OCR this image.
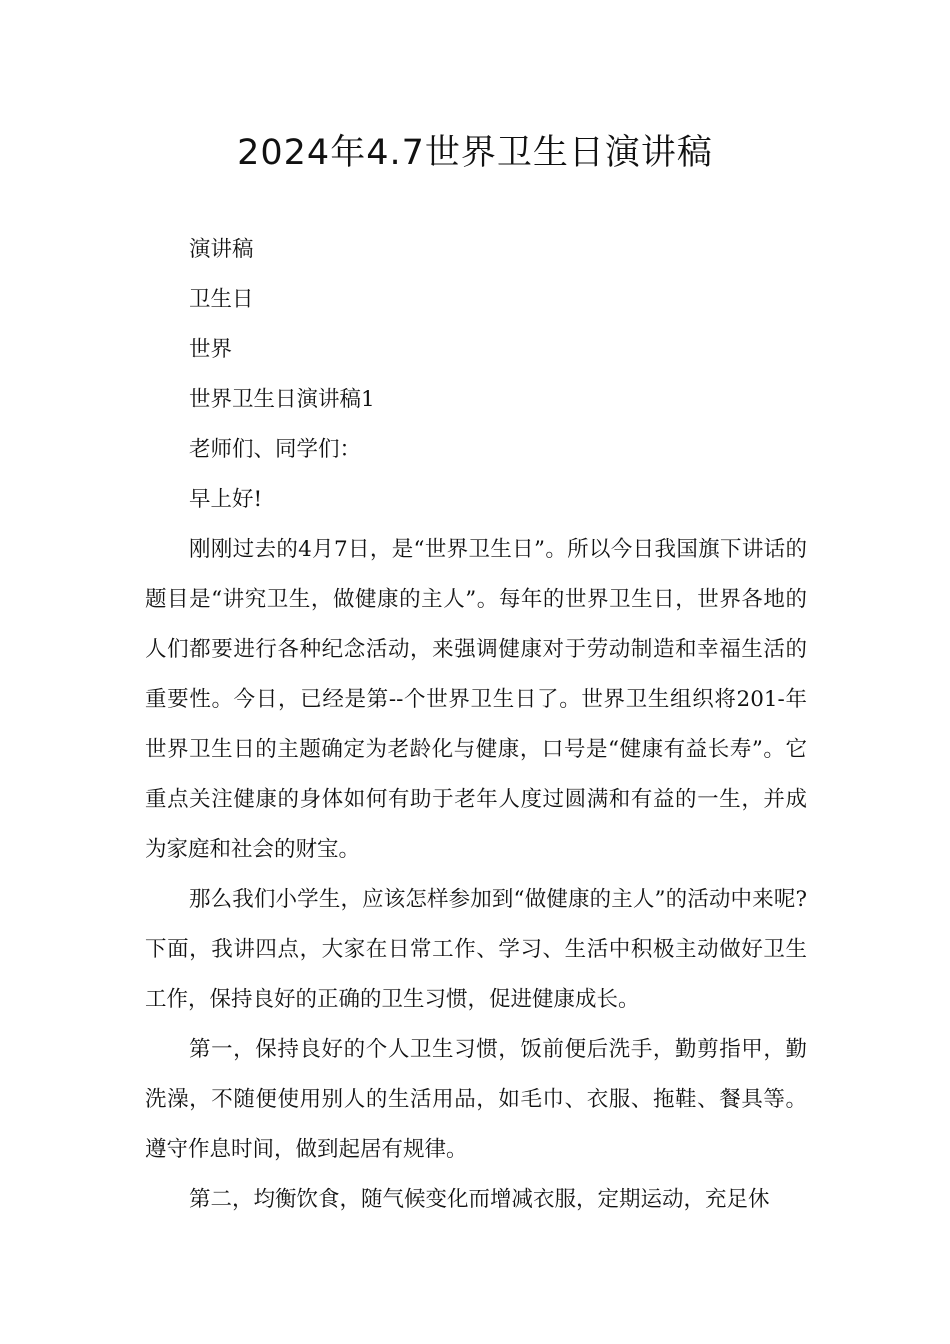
2024年4.7世界卫生日演讲稿

演讲稿

卫生日

世界

世界卫生日演讲稿1

老师们、同学们：

早上好!

刚刚过去的4月7日，是“世界卫生日”。所以今日我国旗下讲话的题目是“讲究卫生，做健康的主人”。每年的世界卫生日，世界各地的人们都要进行各种纪念活动，来强调健康对于劳动制造和幸福生活的重要性。今日，已经是第--个世界卫生日了。世界卫生组织将201-年世界卫生日的主题确定为老龄化与健康，口号是“健康有益长寿”。它重点关注健康的身体如何有助于老年人度过圆满和有益的一生，并成为家庭和社会的财宝。

那么我们小学生，应该怎样参加到“做健康的主人”的活动中来呢?下面，我讲四点，大家在日常工作、学习、生活中积极主动做好卫生工作，保持良好的正确的卫生习惯，促进健康成长。

第一，保持良好的个人卫生习惯，饭前便后洗手，勤剪指甲，勤洗澡，不随便使用别人的生活用品，如毛巾、衣服、拖鞋、餐具等。遵守作息时间，做到起居有规律。

第二，均衡饮食，随气候变化而增减衣服，定期运动，充足休
